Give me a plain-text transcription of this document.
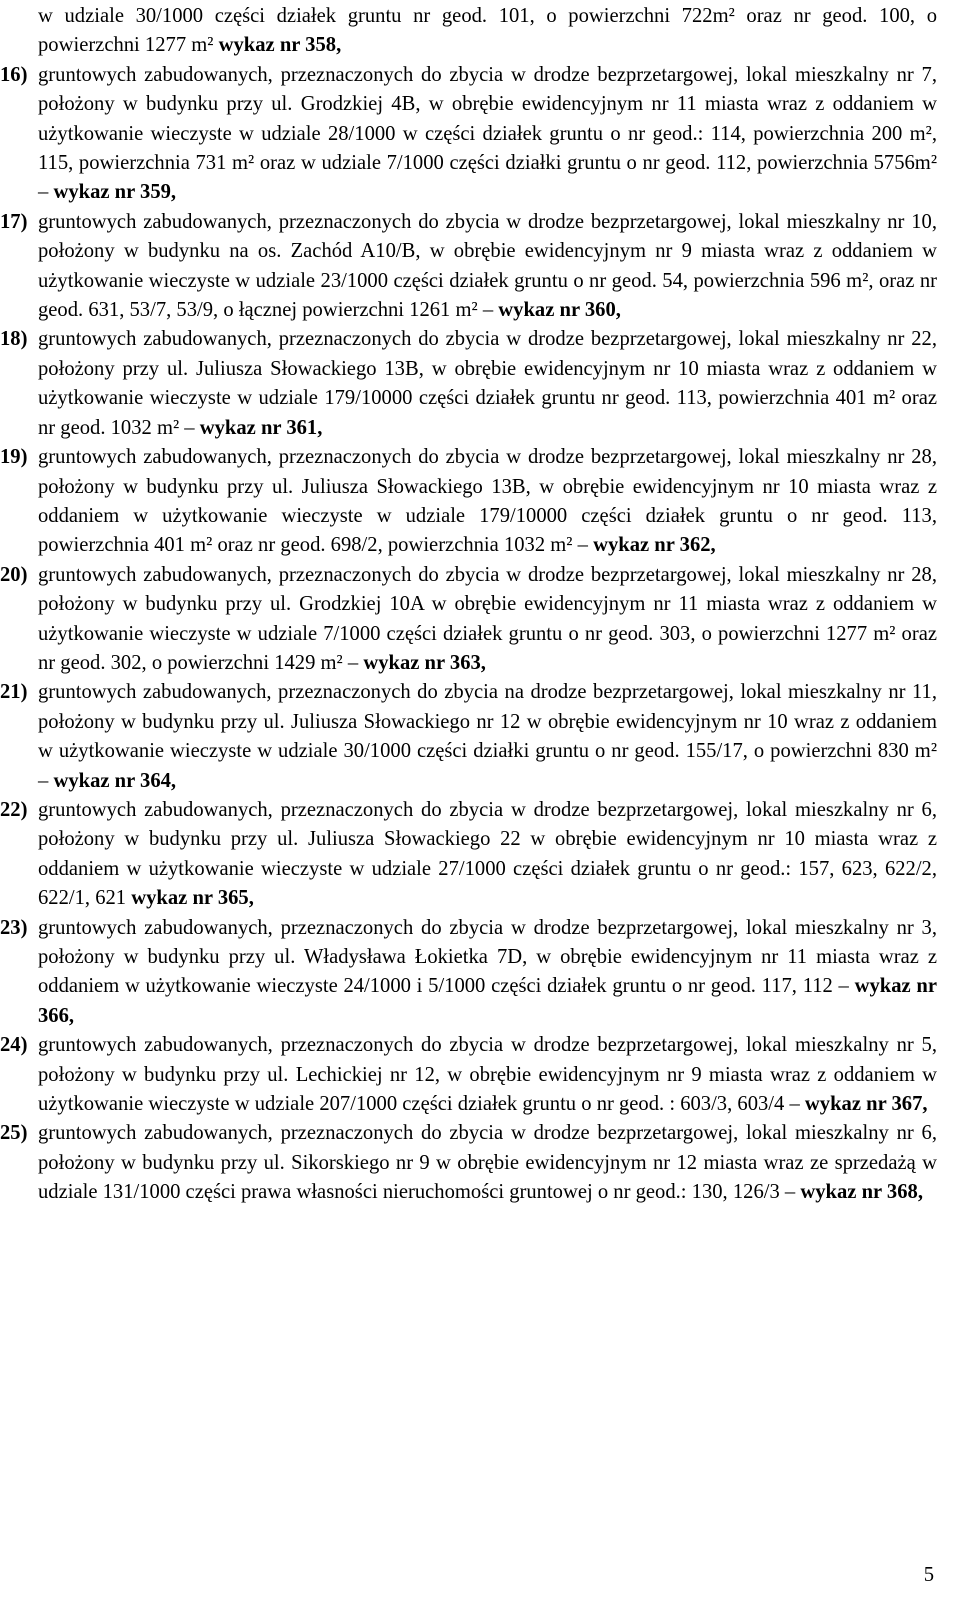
w udziale 30/1000 części działek gruntu nr geod. 101, o powierzchni 722m² oraz nr geod. 100, o powierzchni 1277 m² wykaz nr 358,

16) gruntowych zabudowanych, przeznaczonych do zbycia w drodze bezprzetargowej, lokal mieszkalny nr 7, położony w budynku przy ul. Grodzkiej 4B, w obrębie ewidencyjnym nr 11 miasta wraz z oddaniem w użytkowanie wieczyste w udziale 28/1000 w części działek gruntu o nr geod.: 114, powierzchnia 200 m², 115, powierzchnia 731 m² oraz w udziale 7/1000 części działki gruntu o nr geod. 112, powierzchnia 5756m² – wykaz nr 359,

17) gruntowych zabudowanych, przeznaczonych do zbycia w drodze bezprzetargowej, lokal mieszkalny nr 10, położony w budynku na os. Zachód A10/B, w obrębie ewidencyjnym nr 9 miasta wraz z oddaniem w użytkowanie wieczyste w udziale 23/1000 części działek gruntu o nr geod. 54, powierzchnia 596 m², oraz nr geod. 631, 53/7, 53/9, o łącznej powierzchni 1261 m² – wykaz nr 360,

18) gruntowych zabudowanych, przeznaczonych do zbycia w drodze bezprzetargowej, lokal mieszkalny nr 22, położony przy ul. Juliusza Słowackiego 13B, w obrębie ewidencyjnym nr 10 miasta wraz z oddaniem w użytkowanie wieczyste w udziale 179/10000 części działek gruntu nr geod. 113, powierzchnia 401 m² oraz nr geod. 1032 m² – wykaz nr 361,

19) gruntowych zabudowanych, przeznaczonych do zbycia w drodze bezprzetargowej, lokal mieszkalny nr 28, położony w budynku przy ul. Juliusza Słowackiego 13B, w obrębie ewidencyjnym nr 10 miasta wraz z oddaniem w użytkowanie wieczyste w udziale 179/10000 części działek gruntu o nr geod. 113, powierzchnia 401 m² oraz nr geod. 698/2, powierzchnia 1032 m² – wykaz nr 362,

20) gruntowych zabudowanych, przeznaczonych do zbycia w drodze bezprzetargowej, lokal mieszkalny nr 28, położony w budynku przy ul. Grodzkiej 10A w obrębie ewidencyjnym nr 11 miasta wraz z oddaniem w użytkowanie wieczyste w udziale 7/1000 części działek gruntu o nr geod. 303, o powierzchni 1277 m² oraz nr geod. 302, o powierzchni 1429 m² – wykaz nr 363,

21) gruntowych zabudowanych, przeznaczonych do zbycia na drodze bezprzetargowej, lokal mieszkalny nr 11, położony w budynku przy ul. Juliusza Słowackiego nr 12 w obrębie ewidencyjnym nr 10 wraz z oddaniem w użytkowanie wieczyste w udziale 30/1000 części działki gruntu o nr geod. 155/17, o powierzchni 830 m² – wykaz nr 364,

22) gruntowych zabudowanych, przeznaczonych do zbycia w drodze bezprzetargowej, lokal mieszkalny nr 6, położony w budynku przy ul. Juliusza Słowackiego 22 w obrębie ewidencyjnym nr 10 miasta wraz z oddaniem w użytkowanie wieczyste w udziale 27/1000 części działek gruntu o nr geod.: 157, 623, 622/2, 622/1, 621 wykaz nr 365,

23) gruntowych zabudowanych, przeznaczonych do zbycia w drodze bezprzetargowej, lokal mieszkalny nr 3, położony w budynku przy ul. Władysława Łokietka 7D, w obrębie ewidencyjnym nr 11 miasta wraz z oddaniem w użytkowanie wieczyste 24/1000 i 5/1000 części działek gruntu o nr geod. 117, 112 – wykaz nr 366,

24) gruntowych zabudowanych, przeznaczonych do zbycia w drodze bezprzetargowej, lokal mieszkalny nr 5, położony w budynku przy ul. Lechickiej nr 12, w obrębie ewidencyjnym nr 9 miasta wraz z oddaniem w użytkowanie wieczyste w udziale 207/1000 części działek gruntu o nr geod. : 603/3, 603/4 – wykaz nr 367,

25) gruntowych zabudowanych, przeznaczonych do zbycia w drodze bezprzetargowej, lokal mieszkalny nr 6, położony w budynku przy ul. Sikorskiego nr 9 w obrębie ewidencyjnym nr 12 miasta wraz ze sprzedażą w udziale 131/1000 części prawa własności nieruchomości gruntowej o nr geod.: 130, 126/3 – wykaz nr 368,

5
